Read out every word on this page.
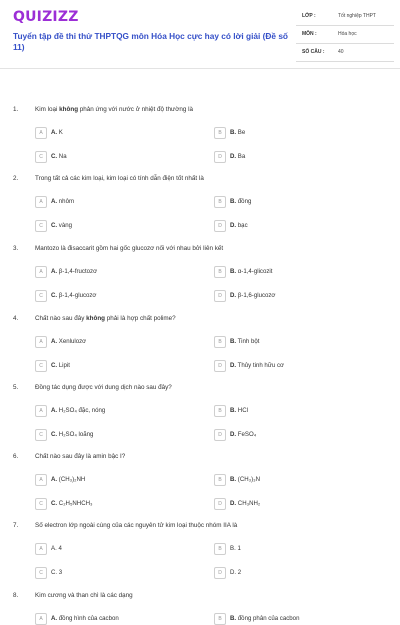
QUIZIZZ
Tuyển tập đề thi thử THPTQG môn Hóa Học cực hay có lời giải (Đề số 11)
LỚP :	Tốt nghiệp THPT
MÔN :	Hóa học
SỐ CÂU :	40
1.	Kim loại không phản ứng với nước ở nhiệt độ thường là
A	A. K	B	B. Be
C	C. Na	D	D. Ba
2.	Trong tất cả các kim loại, kim loại có tính dẫn điện tốt nhất là
A	A. nhôm	B	B. đồng
C	C. vàng	D	D. bạc
3.	Mantozo là đisaccarit gồm hai gốc glucozơ nối với nhau bởi liên kết
A	A. β-1,4-fructozơ	B	B. α-1,4-glicozit
C	C. β-1,4-glucozơ	D	D. β-1,6-glucozơ
4.	Chất nào sau đây không phải là hợp chất polime?
A	A. Xenlulozơ	B	B. Tinh bột
C	C. Lipit	D	D. Thủy tinh hữu cơ
5.	Đồng tác dụng được với dung dịch nào sau đây?
A	A. H₂SO₄ đặc, nóng	B	B. HCl
C	C. H₂SO₄ loãng	D	D. FeSO₄
6.	Chất nào sau đây là amin bậc I?
A	A. (CH₃)₂NH	B	B. (CH₃)₃N
C	C. C₂H₅NHCH₃	D	D. CH₃NH₂
7.	Số electron lớp ngoài cùng của các nguyên tử kim loại thuộc nhóm IIA là
A	A. 4	B	B. 1
C	C. 3	D	D. 2
8.	Kim cương và than chì là các dạng
A	A. đồng hình của cacbon	B	B. đồng phân của cacbon
